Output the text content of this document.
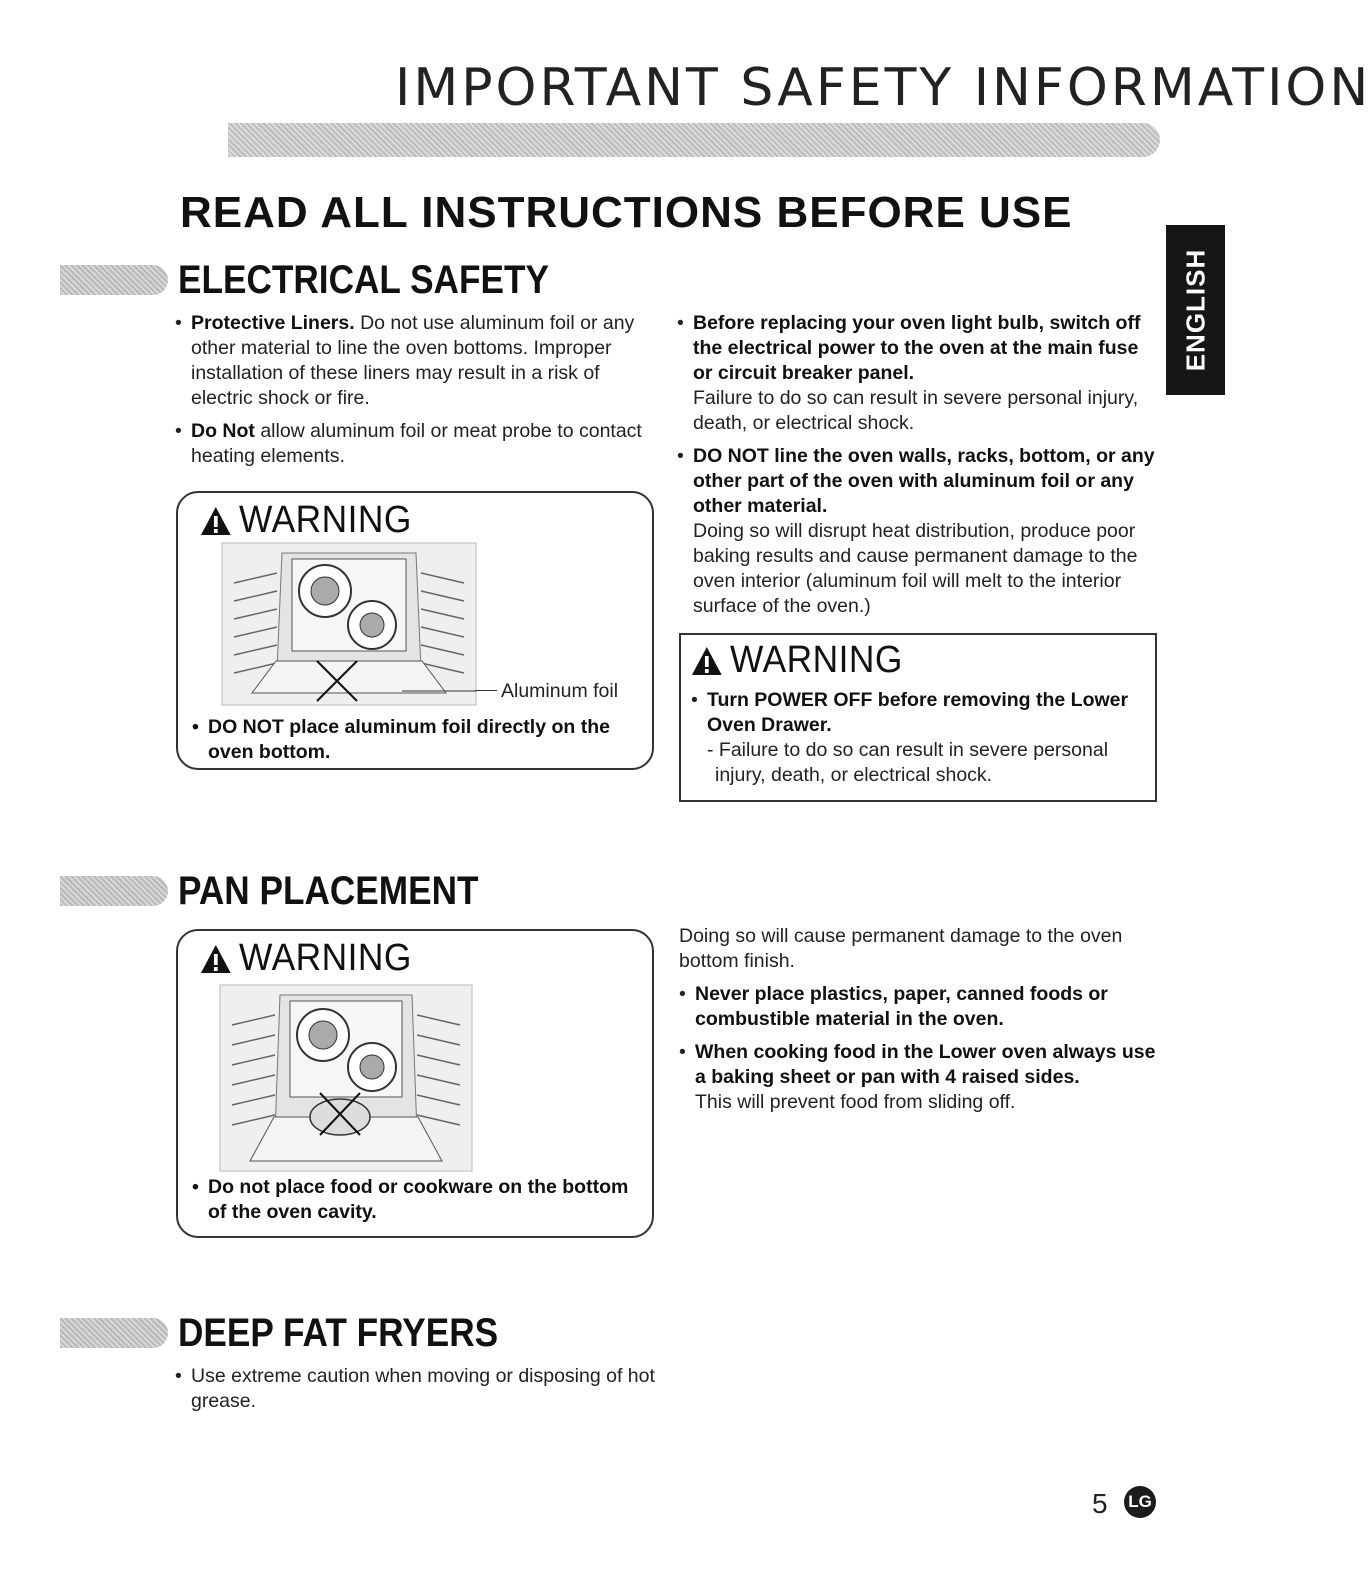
IMPORTANT SAFETY INFORMATION
READ ALL INSTRUCTIONS BEFORE USE
ENGLISH
ELECTRICAL SAFETY
• Protective Liners. Do not use aluminum foil or any other material to line the oven bottoms. Improper installation of these liners may result in a risk of electric shock or fire.
• Do Not allow aluminum foil or meat probe to contact heating elements.
WARNING
Aluminum foil
• DO NOT place aluminum foil directly on the oven bottom.
• Before replacing your oven light bulb, switch off the electrical power to the oven at the main fuse or circuit breaker panel.
Failure to do so can result in severe personal injury, death, or electrical shock.
• DO NOT line the oven walls, racks, bottom, or any other part of the oven with aluminum foil or any other material.
Doing so will disrupt heat distribution, produce poor baking results and cause permanent damage to the oven interior (aluminum foil will melt to the interior surface of the oven.)
WARNING
• Turn POWER OFF before removing the Lower Oven Drawer.
- Failure to do so can result in severe personal injury, death, or electrical shock.
PAN PLACEMENT
WARNING
• Do not place food or cookware on the bottom of the oven cavity.
Doing so will cause permanent damage to the oven bottom finish.
• Never place plastics, paper, canned foods or combustible material in the oven.
• When cooking food in the Lower oven always use a baking sheet or pan with 4 raised sides.
This will prevent food from sliding off.
DEEP FAT FRYERS
• Use extreme caution when moving or disposing of hot grease.
5 LG
